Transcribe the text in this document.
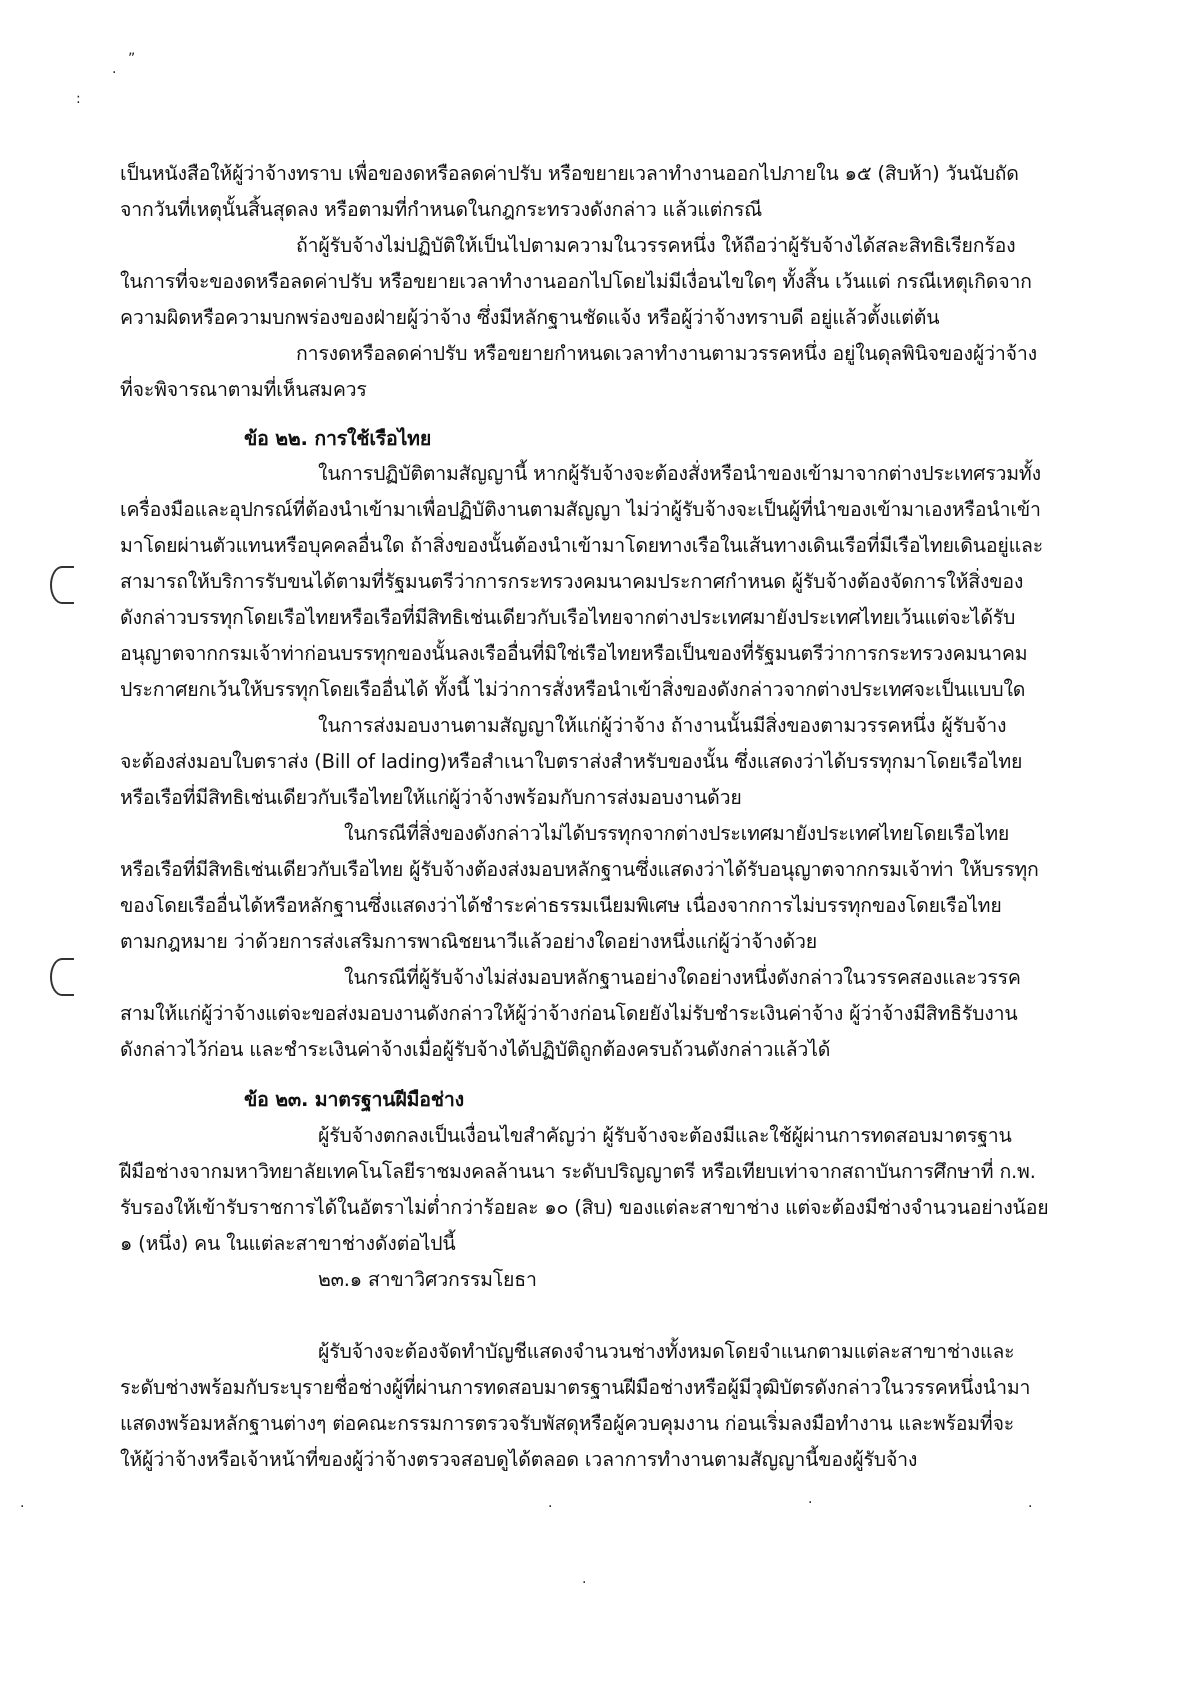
”
.
:
เป็นหนังสือให้ผู้ว่าจ้างทราบ เพื่อของดหรือลดค่าปรับ หรือขยายเวลาทำงานออกไปภายใน ๑๕ (สิบห้า) วันนับถัด
จากวันที่เหตุนั้นสิ้นสุดลง หรือตามที่กำหนดในกฎกระทรวงดังกล่าว แล้วแต่กรณี
ถ้าผู้รับจ้างไม่ปฏิบัติให้เป็นไปตามความในวรรคหนึ่ง ให้ถือว่าผู้รับจ้างได้สละสิทธิเรียกร้อง
ในการที่จะของดหรือลดค่าปรับ หรือขยายเวลาทำงานออกไปโดยไม่มีเงื่อนไขใดๆ ทั้งสิ้น เว้นแต่ กรณีเหตุเกิดจาก
ความผิดหรือความบกพร่องของฝ่ายผู้ว่าจ้าง ซึ่งมีหลักฐานชัดแจ้ง หรือผู้ว่าจ้างทราบดี อยู่แล้วตั้งแต่ต้น
การงดหรือลดค่าปรับ หรือขยายกำหนดเวลาทำงานตามวรรคหนึ่ง อยู่ในดุลพินิจของผู้ว่าจ้าง
ที่จะพิจารณาตามที่เห็นสมควร
ข้อ ๒๒. การใช้เรือไทย
ในการปฏิบัติตามสัญญานี้ หากผู้รับจ้างจะต้องสั่งหรือนำของเข้ามาจากต่างประเทศรวมทั้ง
เครื่องมือและอุปกรณ์ที่ต้องนำเข้ามาเพื่อปฏิบัติงานตามสัญญา ไม่ว่าผู้รับจ้างจะเป็นผู้ที่นำของเข้ามาเองหรือนำเข้า
มาโดยผ่านตัวแทนหรือบุคคลอื่นใด ถ้าสิ่งของนั้นต้องนำเข้ามาโดยทางเรือในเส้นทางเดินเรือที่มีเรือไทยเดินอยู่และ
สามารถให้บริการรับขนได้ตามที่รัฐมนตรีว่าการกระทรวงคมนาคมประกาศกำหนด ผู้รับจ้างต้องจัดการให้สิ่งของ
ดังกล่าวบรรทุกโดยเรือไทยหรือเรือที่มีสิทธิเช่นเดียวกับเรือไทยจากต่างประเทศมายังประเทศไทยเว้นแต่จะได้รับ
อนุญาตจากกรมเจ้าท่าก่อนบรรทุกของนั้นลงเรืออื่นที่มิใช่เรือไทยหรือเป็นของที่รัฐมนตรีว่าการกระทรวงคมนาคม
ประกาศยกเว้นให้บรรทุกโดยเรืออื่นได้ ทั้งนี้ ไม่ว่าการสั่งหรือนำเข้าสิ่งของดังกล่าวจากต่างประเทศจะเป็นแบบใด
ในการส่งมอบงานตามสัญญาให้แก่ผู้ว่าจ้าง ถ้างานนั้นมีสิ่งของตามวรรคหนึ่ง ผู้รับจ้าง
จะต้องส่งมอบใบตราส่ง (Bill of lading)หรือสำเนาใบตราส่งสำหรับของนั้น ซึ่งแสดงว่าได้บรรทุกมาโดยเรือไทย
หรือเรือที่มีสิทธิเช่นเดียวกับเรือไทยให้แก่ผู้ว่าจ้างพร้อมกับการส่งมอบงานด้วย
ในกรณีที่สิ่งของดังกล่าวไม่ได้บรรทุกจากต่างประเทศมายังประเทศไทยโดยเรือไทย
หรือเรือที่มีสิทธิเช่นเดียวกับเรือไทย ผู้รับจ้างต้องส่งมอบหลักฐานซึ่งแสดงว่าได้รับอนุญาตจากกรมเจ้าท่า ให้บรรทุก
ของโดยเรืออื่นได้หรือหลักฐานซึ่งแสดงว่าได้ชำระค่าธรรมเนียมพิเศษ เนื่องจากการไม่บรรทุกของโดยเรือไทย
ตามกฎหมาย ว่าด้วยการส่งเสริมการพาณิชยนาวีแล้วอย่างใดอย่างหนึ่งแก่ผู้ว่าจ้างด้วย
ในกรณีที่ผู้รับจ้างไม่ส่งมอบหลักฐานอย่างใดอย่างหนึ่งดังกล่าวในวรรคสองและวรรค
สามให้แก่ผู้ว่าจ้างแต่จะขอส่งมอบงานดังกล่าวให้ผู้ว่าจ้างก่อนโดยยังไม่รับชำระเงินค่าจ้าง ผู้ว่าจ้างมีสิทธิรับงาน
ดังกล่าวไว้ก่อน และชำระเงินค่าจ้างเมื่อผู้รับจ้างได้ปฏิบัติถูกต้องครบถ้วนดังกล่าวแล้วได้
ข้อ ๒๓. มาตรฐานฝีมือช่าง
ผู้รับจ้างตกลงเป็นเงื่อนไขสำคัญว่า ผู้รับจ้างจะต้องมีและใช้ผู้ผ่านการทดสอบมาตรฐาน
ฝีมือช่างจากมหาวิทยาลัยเทคโนโลยีราชมงคลล้านนา ระดับปริญญาตรี หรือเทียบเท่าจากสถาบันการศึกษาที่ ก.พ.
รับรองให้เข้ารับราชการได้ในอัตราไม่ต่ำกว่าร้อยละ ๑๐ (สิบ) ของแต่ละสาขาช่าง แต่จะต้องมีช่างจำนวนอย่างน้อย
๑ (หนึ่ง) คน ในแต่ละสาขาช่างดังต่อไปนี้
๒๓.๑ สาขาวิศวกรรมโยธา
ผู้รับจ้างจะต้องจัดทำบัญชีแสดงจำนวนช่างทั้งหมดโดยจำแนกตามแต่ละสาขาช่างและ
ระดับช่างพร้อมกับระบุรายชื่อช่างผู้ที่ผ่านการทดสอบมาตรฐานฝีมือช่างหรือผู้มีวุฒิบัตรดังกล่าวในวรรคหนึ่งนำมา
แสดงพร้อมหลักฐานต่างๆ ต่อคณะกรรมการตรวจรับพัสดุหรือผู้ควบคุมงาน ก่อนเริ่มลงมือทำงาน และพร้อมที่จะ
ให้ผู้ว่าจ้างหรือเจ้าหน้าที่ของผู้ว่าจ้างตรวจสอบดูได้ตลอด เวลาการทำงานตามสัญญานี้ของผู้รับจ้าง
·	·	·	·
·
